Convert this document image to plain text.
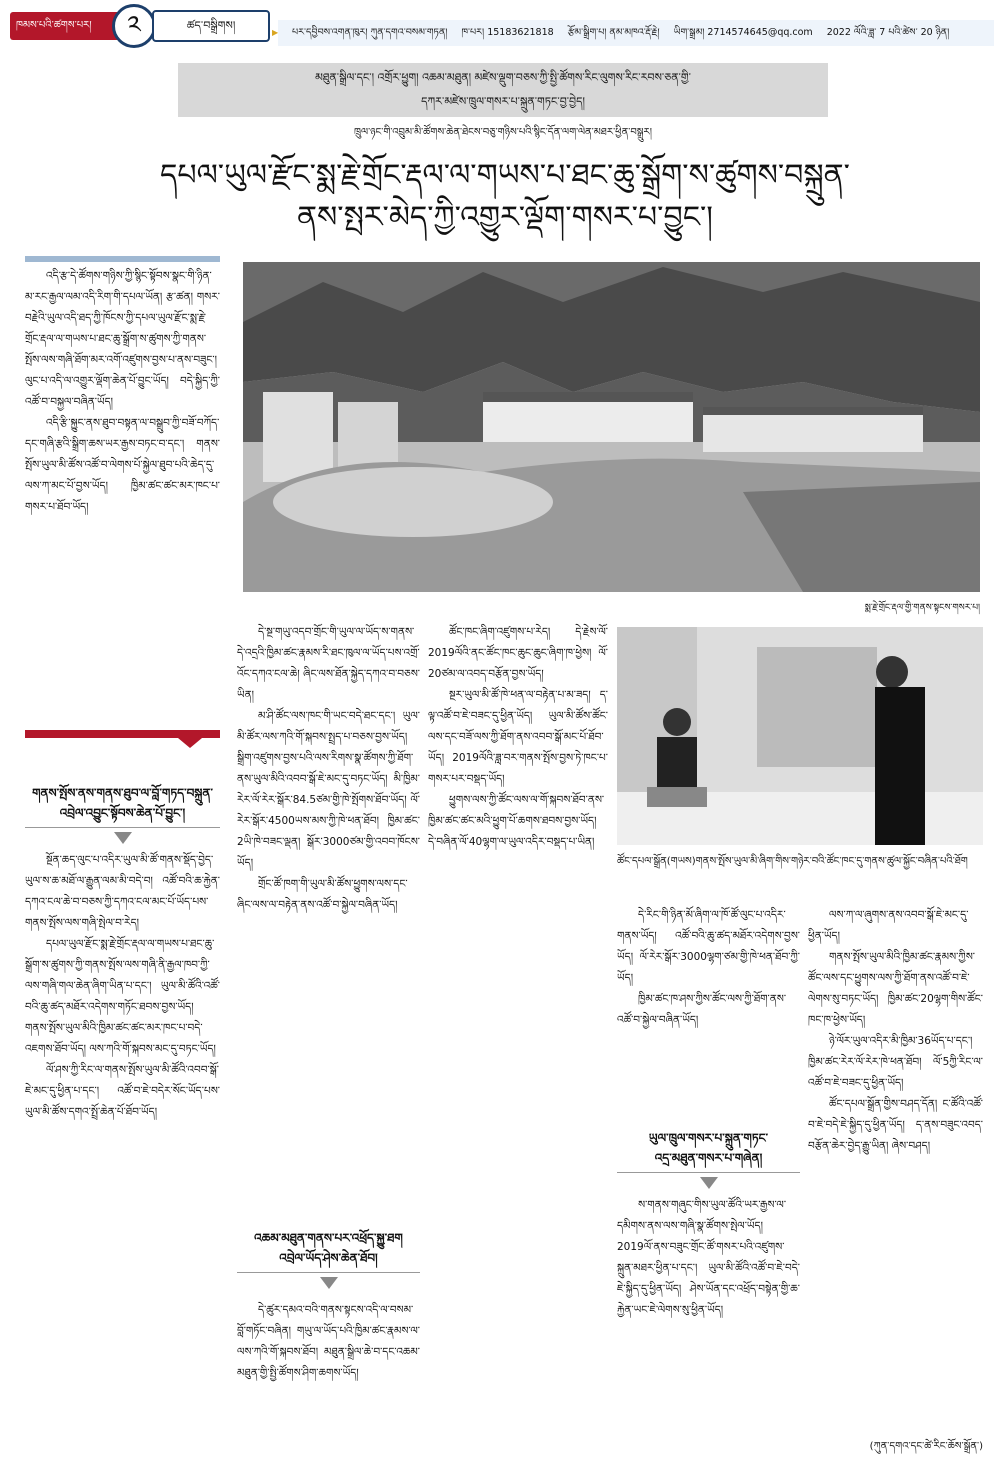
ཁམས་པའི་ཚགས་པར།	༢	ཚད་བསྒྲིགས།
▶ པར་དབྱིབས་འགན་ཁུར། ཀུན་དགའ་བསམ་གཏན། ཁ་པར། 15183621818 རྩོམ་སྒྲིག་པ། ནམ་མཁའ་རྡོ་རྗེ། ཡིག་སྒྲམ། 2714574645@qq.com 2022 ལོའི་ཟླ་ 7 པའི་ཚེས་ 20 ཉིན།
མཐུན་སྒྲིལ་དང་། འགྲོར་ཕྱུག། འཆམ་མཐུན། མཛེས་ལྡུག་བཅས་ཀྱི་སྤྱི་ཚོགས་རིང་ལུགས་རིང་རབས་ཅན་གྱི་
དཀར་མཛེས་ཁྲུལ་གསར་པ་སྐྲུན་གཏང་བྱ་བྱེད།
ཁྲུལ་ཉང་གི་འབྲུམ་མི་ཚོགས་ཆེན་ཐེངས་བཅུ་གཉིས་པའི་སྙིང་དོན་ལག་ལེན་མཐར་ཕྱིན་བསྒྲུར།
དཔལ་ཡུལ་རྫོང་སྨ་རྗེ་གྲོང་རྡལ་ལ་གཡས་པ་ཐང་ཆུ་སྒྲོག་ས་ཚུགས་བསྐྲུན་
ནས་སྤར་མེད་ཀྱི་འགྱུར་ལྡོག་གསར་པ་བྱུང་།

འདི་རྩ་དེ་ཚོགས་གཉིས་ཀྱི་སྙིང་སྟོབས་སྣང་གི་ཉིན་མ་རང་རྒྱལ་ལམ་འདི་རིག་གི་དཔལ་ཡོན། རྩ་ཚན། གསར་བརྗེའི་ཡུལ་འདི་ཐད་ཀྱི་ཁོངས་ཀྱི་དཔལ་ཡུལ་རྫོང་སྨ་རྗེ་གྲོང་རྡལ་ལ་གཡས་པ་ཐང་ཆུ་སྒྲོག་ས་ཚུགས་ཀྱི་གནས་སྤོས་ལས་གཞི་ཐོག་མར་འགོ་འཛུགས་བྱས་པ་ནས་བཟུང་། ལུང་པ་འདི་ལ་འགྱུར་ལྡོག་ཆེན་པོ་བྱུང་ཡོད། བདེ་སྐྱིད་ཀྱི་འཚོ་བ་བསྐྱལ་བཞིན་ཡོད།

འདི་རྩི་སྐྱུང་ནས་ཐུབ་བསྟན་ལ་བསྒྲུབ་ཀྱི་བཟོ་བཀོད་དང་གཞི་རྩའི་སྒྲིག་ཆས་ཡར་རྒྱས་བཏང་བ་དང་། གནས་སྤོས་ཡུལ་མི་ཚོས་འཚོ་བ་ལེགས་པོ་སྐྱེལ་ཐུབ་པའི་ཆེད་དུ་ལས་ཀ་མང་པོ་བྱས་ཡོད། ཁྱིམ་ཚང་ཚང་མར་ཁང་པ་གསར་པ་ཐོབ་ཡོད།

སྨ་རྗེ་གྲོང་རྡལ་གྱི་གནས་སྟངས་གསར་པ།
ཚོང་དཔལ་སྒྲོན(གཡས)གནས་སྤོས་ཡུལ་མི་ཞིག་གིས་གཉེར་བའི་ཚོང་ཁང་དུ་གནས་ཚུལ་སྐྱོང་བཞིན་པའི་ཐོག
གནས་སྤོས་ནས་གནས་ཐུབ་ལ་བློ་གཏད་བསྐྲུན་
འབྲེལ་འབྱུང་སྟོབས་ཆེན་པོ་བྱུང་།

སྔོན་ཆད་ལུང་པ་འདིར་ཡུལ་མི་ཚོ་གནས་སྡོད་བྱེད་ཡུལ་ས་ཆ་མཐོ་ལ་རྒྱུན་ལམ་མི་བདེ་བ། འཚོ་བའི་ཆ་རྐྱེན་དཀའ་ངལ་ཆེ་བ་བཅས་ཀྱི་དཀའ་ངལ་མང་པོ་ཡོད་པས་གནས་སྤོས་ལས་གཞི་སྤེལ་བ་རེད།

དཔལ་ཡུལ་རྫོང་སྨ་རྗེ་གྲོང་རྡལ་ལ་གཡས་པ་ཐང་ཆུ་སྒྲོག་ས་ཚུགས་ཀྱི་གནས་སྤོས་ལས་གཞི་ནི་རྒྱལ་ཁབ་ཀྱི་ལས་གཞི་གལ་ཆེན་ཞིག་ཡིན་པ་དང་། ཡུལ་མི་ཚོའི་འཚོ་བའི་ཆུ་ཚད་མཐོར་འདེགས་གཏོང་ཐབས་བྱས་ཡོད། གནས་སྤོས་ཡུལ་མིའི་ཁྱིམ་ཚང་ཚང་མར་ཁང་པ་བདེ་འཇགས་ཐོབ་ཡོད། ལས་ཀའི་གོ་སྐབས་མང་དུ་བཏང་ཡོད།

ལོ་ཤས་ཀྱི་རིང་ལ་གནས་སྤོས་ཡུལ་མི་ཚོའི་འབབ་སྒོ་ཇེ་མང་དུ་ཕྱིན་པ་དང་། འཚོ་བ་ཇེ་བདེར་སོང་ཡོད་པས་ཡུལ་མི་ཚོས་དགའ་སྤྲོ་ཆེན་པོ་ཐོབ་ཡོད།

དེ་སྔ་གཡུ་འདབ་གྲོང་གི་ཡུལ་ལ་ཡོད་ས་གནས་དེ་འདྲའི་ཁྱིམ་ཚང་རྣམས་རི་ཐང་ཁུལ་ལ་ཡོད་པས་འགྲོ་འོང་དཀའ་ངལ་ཆེ། ཞིང་ལས་ཐོན་སྐྱེད་དཀའ་བ་བཅས་ཡིན།

མ་ཤི་ཚོང་ལས་ཁང་གི་ཡང་བདེ་ཐང་དང་། ཡུལ་མི་ཚོར་ལས་ཀའི་གོ་སྐབས་སྤྲད་པ་བཅས་བྱས་ཡོད། སྒྲིག་འཛུགས་བྱས་པའི་ལས་རིགས་སྣ་ཚོགས་ཀྱི་ཐོག་ནས་ཡུལ་མིའི་འབབ་སྒོ་ཇེ་མང་དུ་བཏང་ཡོད། མི་ཁྱིམ་རེར་ལོ་རེར་སྒོར་84.5ཙམ་གྱི་ཁེ་སྤོགས་ཐོབ་ཡོད། ལོ་རེར་སྒོར་4500ཡས་མས་ཀྱི་ཁེ་ཕན་ཐོབ། ཁྱིམ་ཚང་2ཡི་ཁེ་བཟང་ལྡན། སྒོར་3000ཙམ་གྱི་འབབ་ཁོངས་ཡོད།

གྲོང་ཚོ་ཁག་གི་ཡུལ་མི་ཚོས་ཕྱུགས་ལས་དང་ཞིང་ལས་ལ་བརྟེན་ནས་འཚོ་བ་སྐྱེལ་བཞིན་ཡོད།

འཆམ་མཐུན་གནས་པར་འཕྲོད་སྐྱུ་ཐག
འབྲེལ་ཡོད་ཤེས་ཆེན་ཐོབ།

དེ་ཚུར་དམའ་བའི་གནས་སྟངས་འདི་ལ་བསམ་བློ་གཏོང་བཞིན། གཡུ་ལ་ཡོད་པའི་ཁྱིམ་ཚང་རྣམས་ལ་ལས་ཀའི་གོ་སྐབས་ཐོབ། མཐུན་སྒྲིལ་ཆེ་བ་དང་འཆམ་མཐུན་གྱི་སྤྱི་ཚོགས་ཤིག་ཆགས་ཡོད།

ཚོང་ཁང་ཞིག་འཛུགས་པ་རེད། དེ་རྗེས་ལོ་2019ལོའི་ནང་ཚོང་ཁང་ཆུང་ཆུང་ཞིག་ཁ་ཕྱེས། ལོ་20ཙམ་ལ་འབད་བརྩོན་བྱས་ཡོད།

སྔར་ཡུལ་མི་ཚོ་ཁེ་ཕན་ལ་བརྟེན་པ་མ་ཟད། ད་ལྟ་འཚོ་བ་ཇེ་བཟང་དུ་ཕྱིན་ཡོད། ཡུལ་མི་ཚོས་ཚོང་ལས་དང་བཟོ་ལས་ཀྱི་ཐོག་ནས་འབབ་སྒོ་མང་པོ་ཐོབ་ཡོད། 2019ལོའི་ཟླ་བར་གནས་སྤོས་བྱས་ཏེ་ཁང་པ་གསར་པར་བསྡད་ཡོད།

ཕྱུགས་ལས་ཀྱི་ཚོང་ལས་ལ་གོ་སྐབས་ཐོབ་ནས་ཁྱིམ་ཚང་ཚང་མའི་ཕྱུག་པོ་ཆགས་ཐབས་བྱས་ཡོད། དེ་བཞིན་ལོ་40ལྷག་ལ་ཡུལ་འདིར་བསྡད་པ་ཡིན།

དེ་རིང་གི་ཉིན་མོ་ཞིག་ལ་ཁོ་ཚོ་ལུང་པ་འདིར་གནས་ཡོད། འཚོ་བའི་ཆུ་ཚད་མཐོར་འདེགས་བྱས་ཡོད། ལོ་རེར་སྒོར་3000ལྷག་ཙམ་གྱི་ཁེ་ཕན་ཐོབ་ཀྱི་ཡོད།

ཁྱིམ་ཚང་ཁ་ཤས་ཀྱིས་ཚོང་ལས་ཀྱི་ཐོག་ནས་འཚོ་བ་སྐྱེལ་བཞིན་ཡོད།

ཡུལ་ཁྲུལ་གསར་པ་སྐྲུན་གཏང་
འདྲ་མཐུན་གསར་པ་གཞེན།

ས་གནས་གཞུང་གིས་ཡུལ་ཚོའི་ཡར་རྒྱས་ལ་དམིགས་ནས་ལས་གཞི་སྣ་ཚོགས་སྤེལ་ཡོད། 2019ལོ་ནས་བཟུང་གྲོང་ཚོ་གསར་པའི་འཛུགས་སྐྲུན་མཐར་ཕྱིན་པ་དང་། ཡུལ་མི་ཚོའི་འཚོ་བ་ཇེ་བདེ་ཇེ་སྐྱིད་དུ་ཕྱིན་ཡོད། ཤེས་ཡོན་དང་འཕྲོད་བསྟེན་གྱི་ཆ་རྐྱེན་ཡང་ཇེ་ལེགས་སུ་ཕྱིན་ཡོད།

ལས་ཀ་ལ་ཞུགས་ནས་འབབ་སྒོ་ཇེ་མང་དུ་ཕྱིན་ཡོད།

གནས་སྤོས་ཡུལ་མིའི་ཁྱིམ་ཚང་རྣམས་ཀྱིས་ཚོང་ལས་དང་ཕྱུགས་ལས་ཀྱི་ཐོག་ནས་འཚོ་བ་ཇེ་ལེགས་སུ་བཏང་ཡོད། ཁྱིམ་ཚང་20ལྷག་གིས་ཚོང་ཁང་ཁ་ཕྱེས་ཡོད།

ཉེ་ལོར་ཡུལ་འདིར་མི་ཁྱིམ་36ཡོད་པ་དང་། ཁྱིམ་ཚང་རེར་ལོ་རེར་ཁེ་ཕན་ཐོབ། ལོ་5ཀྱི་རིང་ལ་འཚོ་བ་ཇེ་བཟང་དུ་ཕྱིན་ཡོད།

ཚོང་དཔལ་སྒྲོན་གྱིས་བཤད་དོན། ང་ཚོའི་འཚོ་བ་ཇེ་བདེ་ཇེ་སྐྱིད་དུ་ཕྱིན་ཡོད། ད་ནས་བཟུང་འབད་བརྩོན་ཆེར་བྱེད་རྒྱུ་ཡིན། ཞེས་བཤད།

(ཀུན་དགའ་དང་ཚེ་རིང་ཆོས་སྒྲོན་)
